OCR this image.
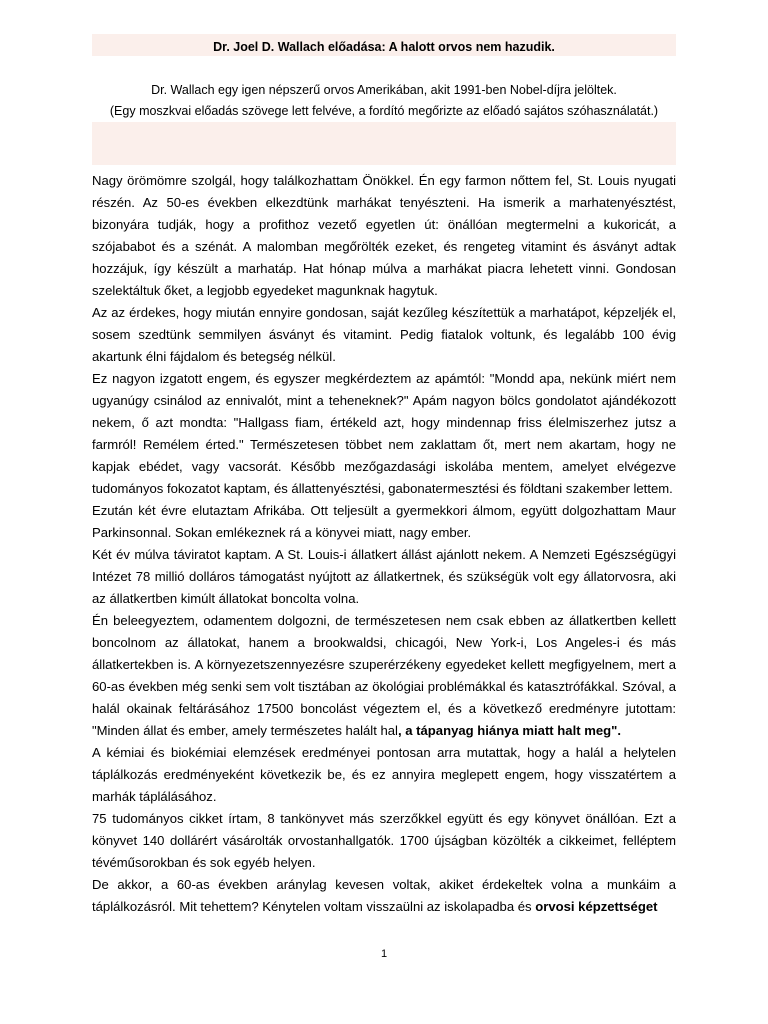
Dr. Joel D. Wallach előadása: A halott orvos nem hazudik.
Dr. Wallach egy igen népszerű orvos Amerikában, akit 1991-ben Nobel-díjra jelöltek.
(Egy moszkvai előadás szövege lett felvéve, a fordító megőrizte az előadó sajátos szóhasználatát.)

Nagy örömömre szolgál, hogy találkozhattam Önökkel. Én egy farmon nőttem fel, St. Louis nyugati részén. Az 50-es években elkezdtünk marhákat tenyészteni. Ha ismerik a marhatenyésztést, bizonyára tudják, hogy a profithoz vezető egyetlen út: önállóan megtermelni a kukoricát, a szójababot és a szénát. A malomban megőrölték ezeket, és rengeteg vitamint és ásványt adtak hozzájuk, így készült a marhatáp. Hat hónap múlva a marhákat piacra lehetett vinni. Gondosan szelektáltuk őket, a legjobb egyedeket magunknak hagytuk.

Az az érdekes, hogy miután ennyire gondosan, saját kezűleg készítettük a marhatápot, képzeljék el, sosem szedtünk semmilyen ásványt és vitamint. Pedig fiatalok voltunk, és legalább 100 évig akartunk élni fájdalom és betegség nélkül.

Ez nagyon izgatott engem, és egyszer megkérdeztem az apámtól: "Mondd apa, nekünk miért nem ugyanúgy csinálod az ennivalót, mint a teheneknek?" Apám nagyon bölcs gondolatot ajándékozott nekem, ő azt mondta: "Hallgass fiam, értékeld azt, hogy mindennap friss élelmiszerhez jutsz a farmról! Remélem érted." Természetesen többet nem zaklattam őt, mert nem akartam, hogy ne kapjak ebédet, vagy vacsorát. Később mezőgazdasági iskolába mentem, amelyet elvégezve tudományos fokozatot kaptam, és állattenyésztési, gabonatermesztési és földtani szakember lettem.

Ezután két évre elutaztam Afrikába. Ott teljesült a gyermekkori álmom, együtt dolgozhattam Maur Parkinsonnal. Sokan emlékeznek rá a könyvei miatt, nagy ember.

Két év múlva táviratot kaptam. A St. Louis-i állatkert állást ajánlott nekem. A Nemzeti Egészségügyi Intézet 78 millió dolláros támogatást nyújtott az állatkertnek, és szükségük volt egy állatorvosra, aki az állatkertben kimúlt állatokat boncolta volna.

Én beleegyeztem, odamentem dolgozni, de természetesen nem csak ebben az állatkertben kellett boncolnom az állatokat, hanem a brookwaldsi, chicagói, New York-i, Los Angeles-i és más állatkertekben is. A környezetszennyezésre szuperérzékeny egyedeket kellett megfigyelnem, mert a 60-as években még senki sem volt tisztában az ökológiai problémákkal és katasztrófákkal. Szóval, a halál okainak feltárásához 17500 boncolást végeztem el, és a következő eredményre jutottam: "Minden állat és ember, amely természetes halált hal, a tápanyag hiánya miatt halt meg".

A kémiai és biokémiai elemzések eredményei pontosan arra mutattak, hogy a halál a helytelen táplálkozás eredményeként következik be, és ez annyira meglepett engem, hogy visszatértem a marhák táplálásához.

75 tudományos cikket írtam, 8 tankönyvet más szerzőkkel együtt és egy könyvet önállóan. Ezt a könyvet 140 dollárért vásárolták orvostanhallgatók. 1700 újságban közölték a cikkeimet, felléptem tévéműsorokban és sok egyéb helyen.

De akkor, a 60-as években aránylag kevesen voltak, akiket érdekeltek volna a munkáim a táplálkozásról. Mit tehettem? Kénytelen voltam visszaülni az iskolapadba és orvosi képzettséget

1
